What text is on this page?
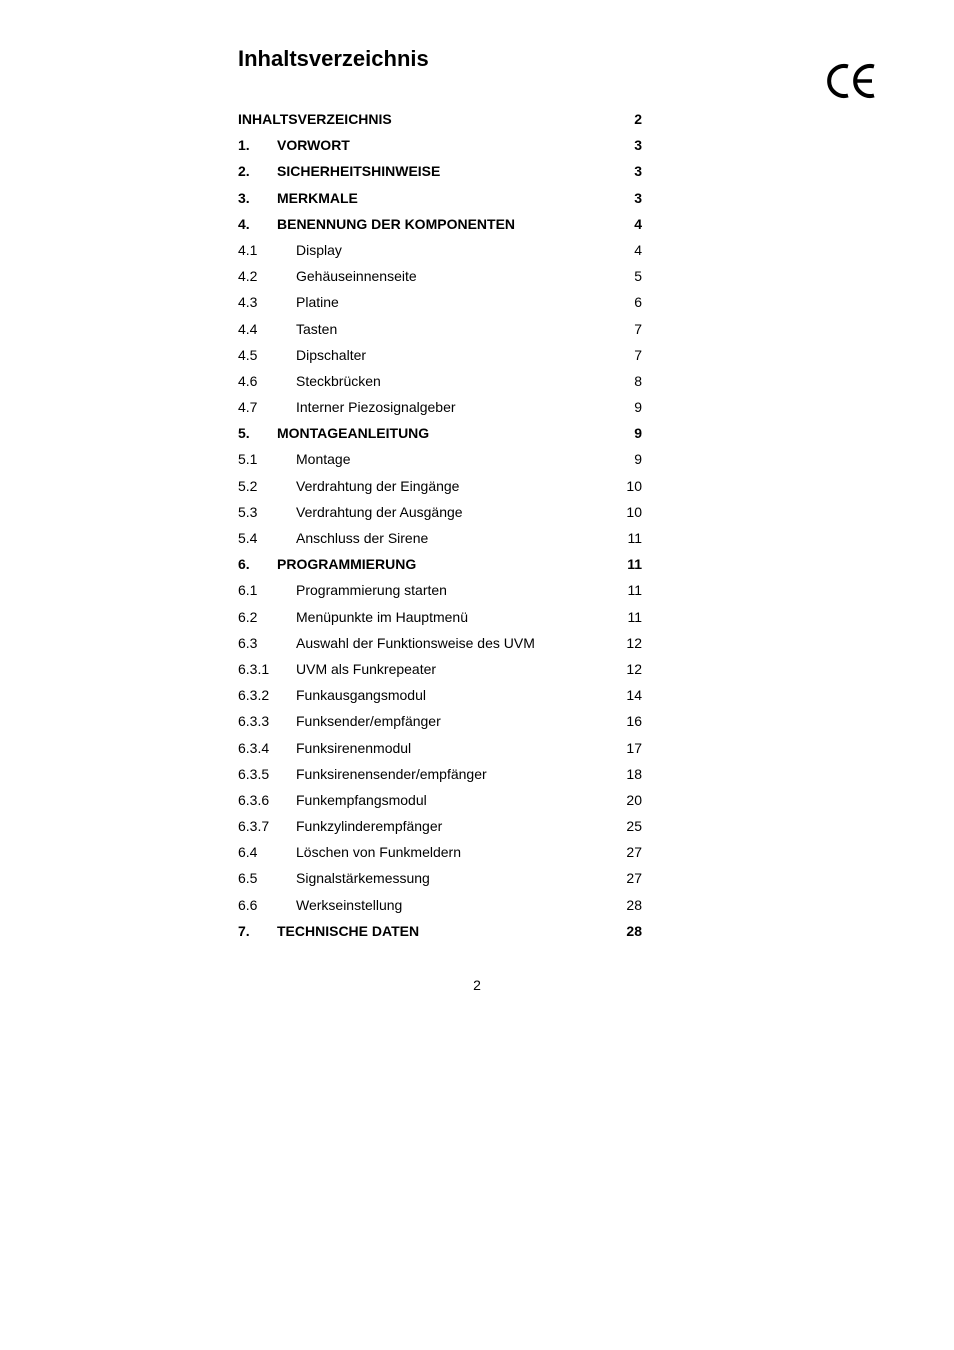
Inhaltsverzeichnis
INHALTSVERZEICHNIS	2
1. VORWORT	3
2. SICHERHEITSHINWEISE	3
3. MERKMALE	3
4. BENENNUNG DER KOMPONENTEN	4
4.1	Display	4
4.2	Gehäuseinnenseite	5
4.3	Platine	6
4.4	Tasten	7
4.5	Dipschalter	7
4.6	Steckbrücken	8
4.7	Interner Piezosignalgeber	9
5. MONTAGEANLEITUNG	9
5.1	Montage	9
5.2	Verdrahtung der Eingänge	10
5.3	Verdrahtung der Ausgänge	10
5.4	Anschluss der Sirene	11
6. PROGRAMMIERUNG	11
6.1	Programmierung starten	11
6.2	Menüpunkte im Hauptmenü	11
6.3	Auswahl der Funktionsweise des UVM	12
6.3.1 UVM als Funkrepeater	12
6.3.2 Funkausgangsmodul	14
6.3.3 Funksender/empfänger	16
6.3.4 Funksirenenmodul	17
6.3.5 Funksirenensender/empfänger	18
6.3.6 Funkempfangsmodul	20
6.3.7 Funkzylinderempfänger	25
6.4	Löschen von Funkmeldern	27
6.5	Signalstärkemessung	27
6.6	Werkseinstellung	28
7. TECHNISCHE DATEN	28
2
